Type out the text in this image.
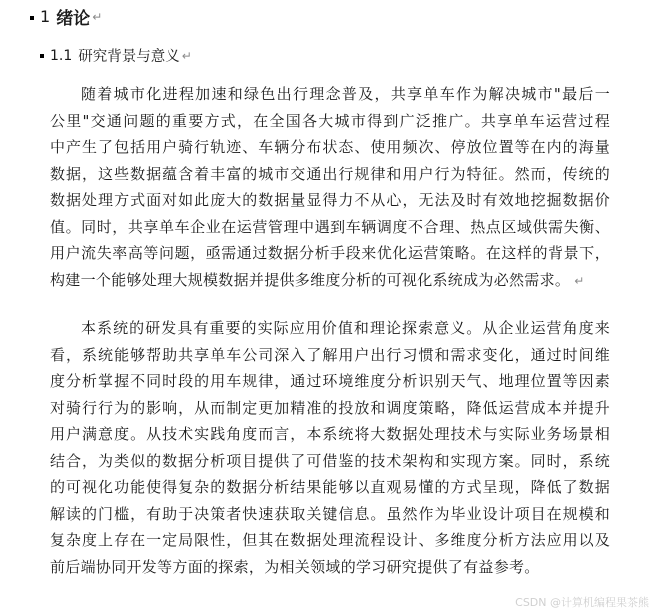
1 绪论 ↵
1.1 研究背景与意义 ↵
随着城市化进程加速和绿色出行理念普及，共享单车作为解决城市"最后一
公里"交通问题的重要方式，在全国各大城市得到广泛推广。共享单车运营过程
中产生了包括用户骑行轨迹、车辆分布状态、使用频次、停放位置等在内的海量
数据，这些数据蕴含着丰富的城市交通出行规律和用户行为特征。然而，传统的
数据处理方式面对如此庞大的数据量显得力不从心，无法及时有效地挖掘数据价
值。同时，共享单车企业在运营管理中遇到车辆调度不合理、热点区域供需失衡、
用户流失率高等问题，亟需通过数据分析手段来优化运营策略。在这样的背景下，
构建一个能够处理大规模数据并提供多维度分析的可视化系统成为必然需求。 ↵
本系统的研发具有重要的实际应用价值和理论探索意义。从企业运营角度来
看，系统能够帮助共享单车公司深入了解用户出行习惯和需求变化，通过时间维
度分析掌握不同时段的用车规律，通过环境维度分析识别天气、地理位置等因素
对骑行行为的影响，从而制定更加精准的投放和调度策略，降低运营成本并提升
用户满意度。从技术实践角度而言，本系统将大数据处理技术与实际业务场景相
结合，为类似的数据分析项目提供了可借鉴的技术架构和实现方案。同时，系统
的可视化功能使得复杂的数据分析结果能够以直观易懂的方式呈现，降低了数据
解读的门槛，有助于决策者快速获取关键信息。虽然作为毕业设计项目在规模和
复杂度上存在一定局限性，但其在数据处理流程设计、多维度分析方法应用以及
前后端协同开发等方面的探索，为相关领域的学习研究提供了有益参考。
CSDN @计算机编程果茶熊
